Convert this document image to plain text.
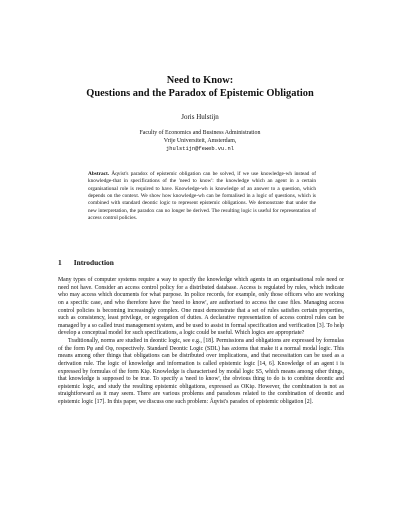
Need to Know:
Questions and the Paradox of Epistemic Obligation
Joris Hulstijn
Faculty of Economics and Business Administration
Vrije Universiteit, Amsterdam,
jhulstijn@feweb.vu.nl
Abstract. Åqvist's paradox of epistemic obligation can be solved, if we use knowledge-wh instead of knowledge-that in specifications of the 'need to know': the knowledge which an agent in a certain organisational role is required to have. Knowledge-wh is knowledge of an answer to a question, which depends on the context. We show how knowledge-wh can be formalised in a logic of questions, which is combined with standard deontic logic to represent epistemic obligations. We demonstrate that under the new interpretation, the paradox can no longer be derived. The resulting logic is useful for representation of access control policies.
1 Introduction

Many types of computer systems require a way to specify the knowledge which agents in an organisational role need or need not have. Consider an access control policy for a distributed database. Access is regulated by rules, which indicate who may access which documents for what purpose. In police records, for example, only those officers who are working on a specific case, and who therefore have the 'need to know', are authorised to access the case files. Managing access control policies is becoming increasingly complex. One must demonstrate that a set of rules satisfies certain properties, such as consistency, least privilege, or segregation of duties. A declarative representation of access control rules can be managed by a so called trust management system, and be used to assist in formal specification and verification [3]. To help develop a conceptual model for such specifications, a logic could be useful. Which logics are appropriate?

Traditionally, norms are studied in deontic logic, see e.g., [18]. Permissions and obligations are expressed by formulas of the form Pφ and Oφ, respectively. Standard Deontic Logic (SDL) has axioms that make it a normal modal logic. This means among other things that obligations can be distributed over implications, and that necessitation can be used as a derivation rule. The logic of knowledge and information is called epistemic logic [14, 6]. Knowledge of an agent i is expressed by formulas of the form Kiφ. Knowledge is characterised by modal logic S5, which means among other things, that knowledge is supposed to be true. To specify a 'need to know', the obvious thing to do is to combine deontic and epistemic logic, and study the resulting epistemic obligations, expressed as OKiφ. However, the combination is not as straightforward as it may seem. There are various problems and paradoxes related to the combination of deontic and epistemic logic [17]. In this paper, we discuss one such problem: Åqvist's paradox of epistemic obligation [2].
